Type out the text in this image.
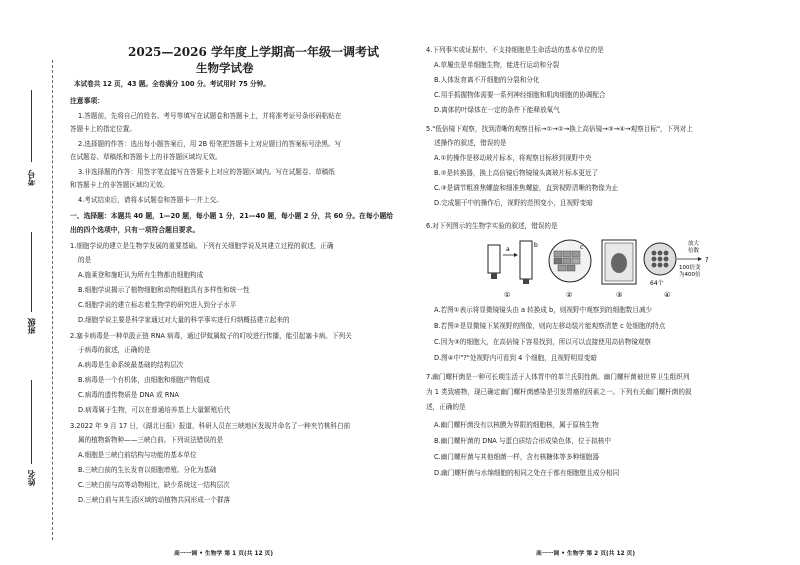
考号
班级
姓名
2025—2026 学年度上学期高一年级一调考试
生物学试卷
本试卷共 12 页，43 题。全卷满分 100 分。考试用时 75 分钟。
注意事项：
1.答题前，先将自己的姓名、考号等填写在试题卷和答题卡上，并将准考证号条形码粘贴在
答题卡上的指定位置。
2.选择题的作答：选出每小题答案后，用 2B 铅笔把答题卡上对应题目的答案标号涂黑。写
在试题卷、草稿纸和答题卡上的非答题区域均无效。
3.非选择题的作答：用签字笔直接写在答题卡上对应的答题区域内。写在试题卷、草稿纸
和答题卡上的非答题区域均无效。
4.考试结束后，请将本试题卷和答题卡一并上交。
一、选择题：本题共 40 题，1—20 题，每小题 1 分，21—40 题，每小题 2 分，共 60 分。在每小题给
出的四个选项中，只有一项符合题目要求。
1.细胞学说的建立是生物学发展的重要基础。下列有关细胞学说及其建立过程的叙述，正确
的是
A.施莱登和施旺认为所有生物都由细胞构成
B.细胞学说揭示了植物细胞和动物细胞具有多样性和统一性
C.细胞学说的建立标志着生物学的研究进入到分子水平
D.细胞学说主要是科学家通过对大量的科学事实进行归纳概括建立起来的
2.塞卡病毒是一种单股正链 RNA 病毒，通过伊蚊属蚊子的叮咬进行传播，能引起塞卡病。下列关
于病毒的叙述，正确的是
A.病毒是生命系统最基础的结构层次
B.病毒是一个有机体，由细胞和细胞产物组成
C.病毒的遗传物质是 DNA 或 RNA
D.病毒属于生物，可以在普通培养基上大量繁殖后代
3.2022 年 9 月 17 日，《湖北日报》报道，科研人员在三峡地区发现并命名了一种夹竹桃科白前
属的植物新物种——三峡白前。下列说法错误的是
A.细胞是三峡白前结构与功能的基本单位
B.三峡白前的生长发育以细胞增殖、分化为基础
C.三峡白前与高等动物相比，缺少系统这一结构层次
D.三峡白前与其生活区域的动植物共同形成一个群落
高一一调 • 生物学 第 1 页(共 12 页)
4.下列事实或证据中，不支持细胞是生命活动的基本单位的是
A.草履虫是单细胞生物，能进行运动和分裂
B.人体发育离不开细胞的分裂和分化
C.用手抓握物体需要一系列神经细胞和肌肉细胞的协调配合
D.离体的叶绿体在一定的条件下能释放氧气
5."低倍镜下观察，找到清晰的观察目标→①→②→换上高倍镜→③→④→观察目标"，下列对上
述操作的叙述，错误的是
A.①的操作是移动玻片标本，将观察目标移到视野中央
B.②是转换器，换上高倍镜后物镜镜头离玻片标本更近了
C.③是调节粗准焦螺旋和细准焦螺旋，直到视野清晰的物像为止
D.完成题干中的操作后，视野的范围变小，且视野变暗
6.对下列图示的生物学实验的叙述，错误的是
a
b
①
c
②	③
64个
放大
倍数
?
100倍变
为400倍
④
A.若图①表示将显微镜镜头由 a 转换成 b，则视野中观察到的细胞数目减少
B.若图②是显微镜下某视野的图像，则向左移动装片能观察清楚 c 处细胞的特点
C.因为③的细胞大，在高倍镜下容易找到，所以可以直接使用高倍物镜观察
D.图④中"?"处视野内可看到 4 个细胞，且视野明显变暗
7.幽门螺杆菌是一种可长期生活于人体胃中的革兰氏阴性菌。幽门螺杆菌被世界卫生组织列
为 1 类致癌物，现已确定幽门螺杆菌感染是引发胃癌的因素之一。下列有关幽门螺杆菌的叙
述，正确的是
A.幽门螺杆菌没有以核膜为界限的细胞核，属于原核生物
B.幽门螺杆菌的 DNA 与蛋白质结合形成染色体，位于拟核中
C.幽门螺杆菌与其他细菌一样，含有核糖体等多种细胞器
D.幽门螺杆菌与水绵细胞的相同之处在于都有细胞壁且成分相同
高一一调 • 生物学 第 2 页(共 12 页)
